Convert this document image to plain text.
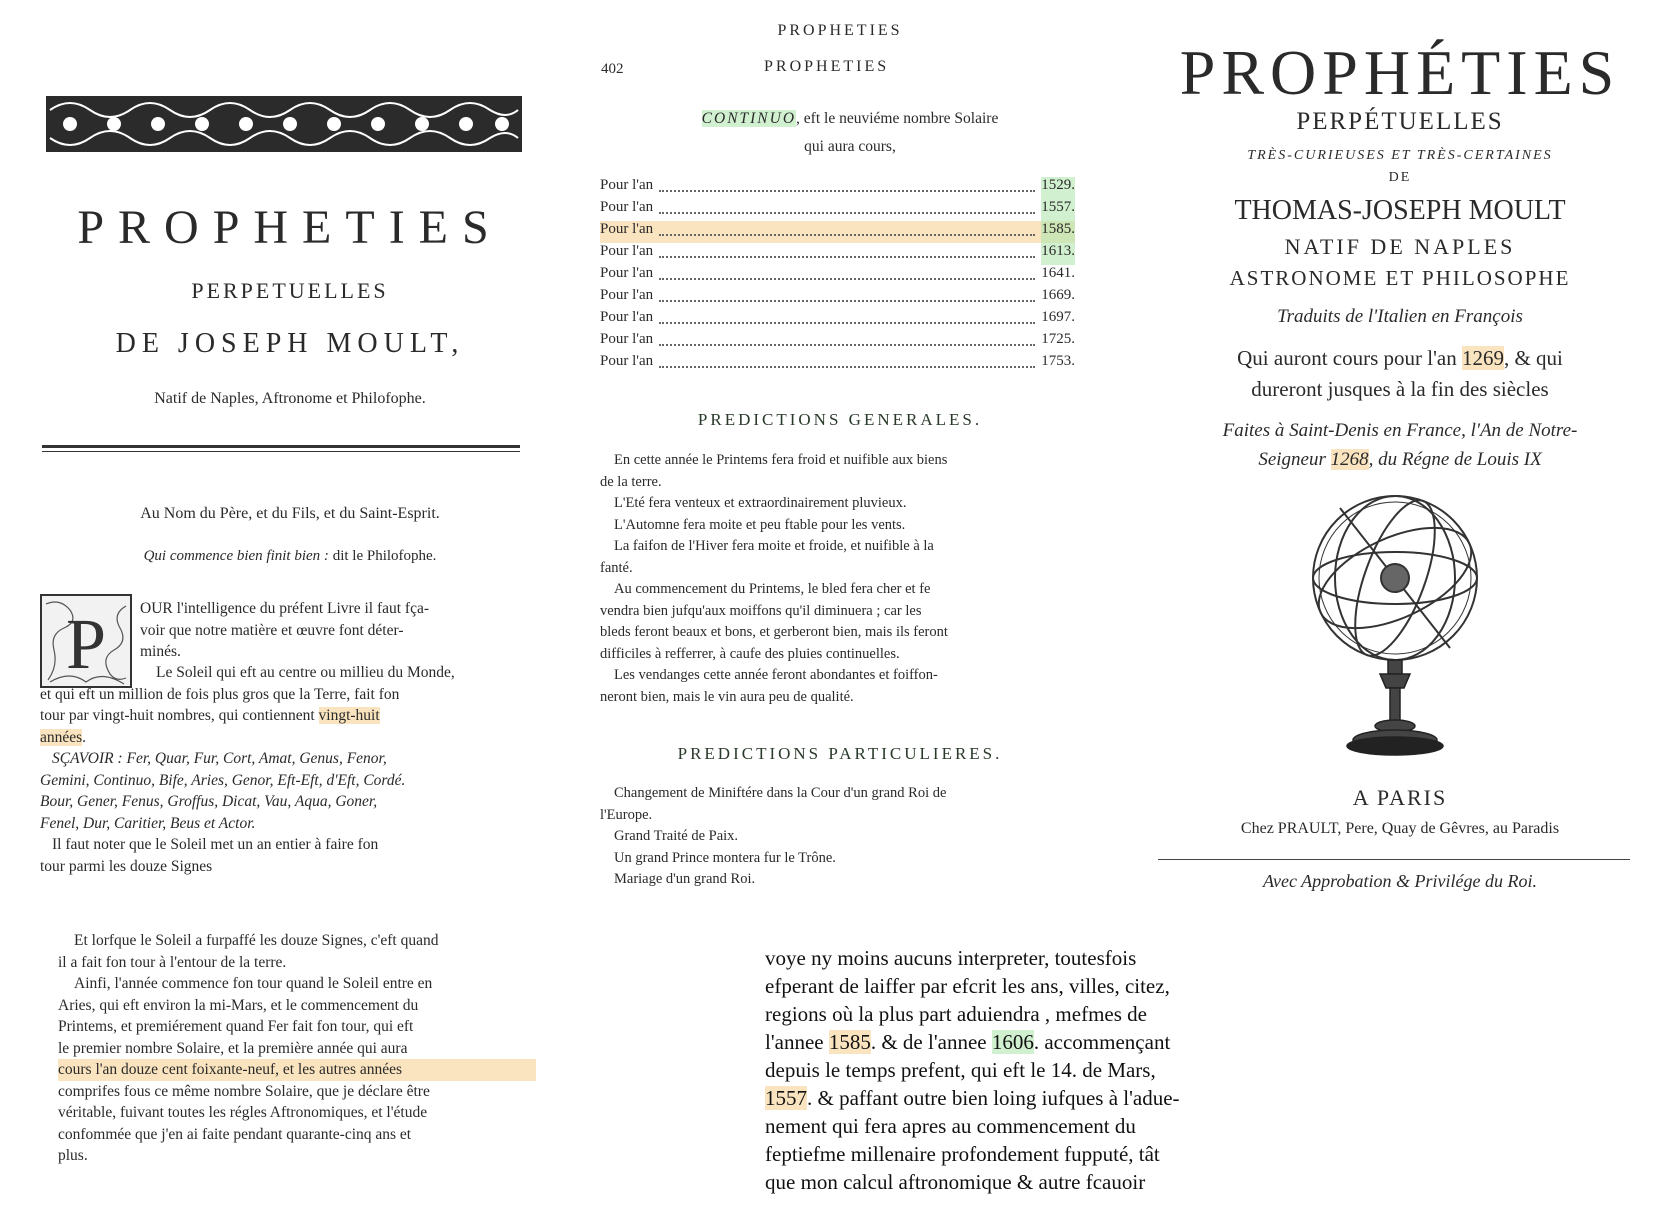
PROPHETIES
PERPETUELLES
DE JOSEPH MOULT,
Natif de Naples, Aftronome et Philofophe.
Au Nom du Père, et du Fils, et du Saint-Esprit.
Qui commence bien finit bien : dit le Philofophe.
P OUR l'intelligence du préfent Livre il faut fça-
voir que notre matière et œuvre font déter-
minés.
Le Soleil qui eft au centre ou millieu du Monde,
et qui eft un million de fois plus gros que la Terre, fait fon
tour par vingt-huit nombres, qui contiennent vingt-huit
années.
SÇAVOIR : Fer, Quar, Fur, Cort, Amat, Genus, Fenor,
Gemini, Continuo, Bife, Aries, Genor, Eft-Eft, d'Eft, Cordé.
Bour, Gener, Fenus, Groffus, Dicat, Vau, Aqua, Goner,
Fenel, Dur, Caritier, Beus et Actor.
Il faut noter que le Soleil met un an entier à faire fon
tour parmi les douze Signes
Et lorfque le Soleil a furpaffé les douze Signes, c'eft quand
il a fait fon tour à l'entour de la terre.
Ainfi, l'année commence fon tour quand le Soleil entre en
Aries, qui eft environ la mi-Mars, et le commencement du
Printems, et premiérement quand Fer fait fon tour, qui eft
le premier nombre Solaire, et la première année qui aura
cours l'an douze cent foixante-neuf, et les autres années
comprifes fous ce même nombre Solaire, que je déclare être
véritable, fuivant toutes les régles Aftronomiques, et l'étude
confommée que j'en ai faite pendant quarante-cinq ans et
plus.
PROPHETIES
402	PROPHETIES
CONTINUO, eft le neuviéme nombre Solaire
qui aura cours,
Pour l'an	1529.
Pour l'an	1557.
Pour l'an	1585.
Pour l'an	1613.
Pour l'an	1641.
Pour l'an	1669.
Pour l'an	1697.
Pour l'an	1725.
Pour l'an	1753.
PREDICTIONS GENERALES.
En cette année le Printems fera froid et nuifible aux biens
de la terre.
L'Eté fera venteux et extraordinairement pluvieux.
L'Automne fera moite et peu ftable pour les vents.
La faifon de l'Hiver fera moite et froide, et nuifible à la
fanté.
Au commencement du Printems, le bled fera cher et fe
vendra bien jufqu'aux moiffons qu'il diminuera ; car les
bleds feront beaux et bons, et gerberont bien, mais ils feront
difficiles à refferrer, à caufe des pluies continuelles.
Les vendanges cette année feront abondantes et foiffon-
neront bien, mais le vin aura peu de qualité.
PREDICTIONS PARTICULIERES.
Changement de Miniftére dans la Cour d'un grand Roi de
l'Europe.
Grand Traité de Paix.
Un grand Prince montera fur le Trône.
Mariage d'un grand Roi.
PROPHÉTIES
PERPÉTUELLES
TRÈS-CURIEUSES ET TRÈS-CERTAINES
DE
THOMAS-JOSEPH MOULT
NATIF DE NAPLES
ASTRONOME ET PHILOSOPHE
Traduits de l'Italien en François
Qui auront cours pour l'an 1269, & qui
dureront jusques à la fin des siècles
Faites à Saint-Denis en France, l'An de Notre-
Seigneur 1268, du Régne de Louis IX
A PARIS
Chez PRAULT, Pere, Quay de Gêvres, au Paradis
Avec Approbation & Privilége du Roi.
voye ny moins aucuns interpreter, toutesfois
efperant de laiffer par efcrit les ans, villes, citez,
regions où la plus part aduiendra , mefmes de
l'annee 1585. & de l'annee 1606. accommençant
depuis le temps prefent, qui eft le 14. de Mars,
1557. & paffant outre bien loing iufques à l'adue-
nement qui fera apres au commencement du
feptiefme millenaire profondement fupputé, tât
que mon calcul aftronomique & autre fcauoir
